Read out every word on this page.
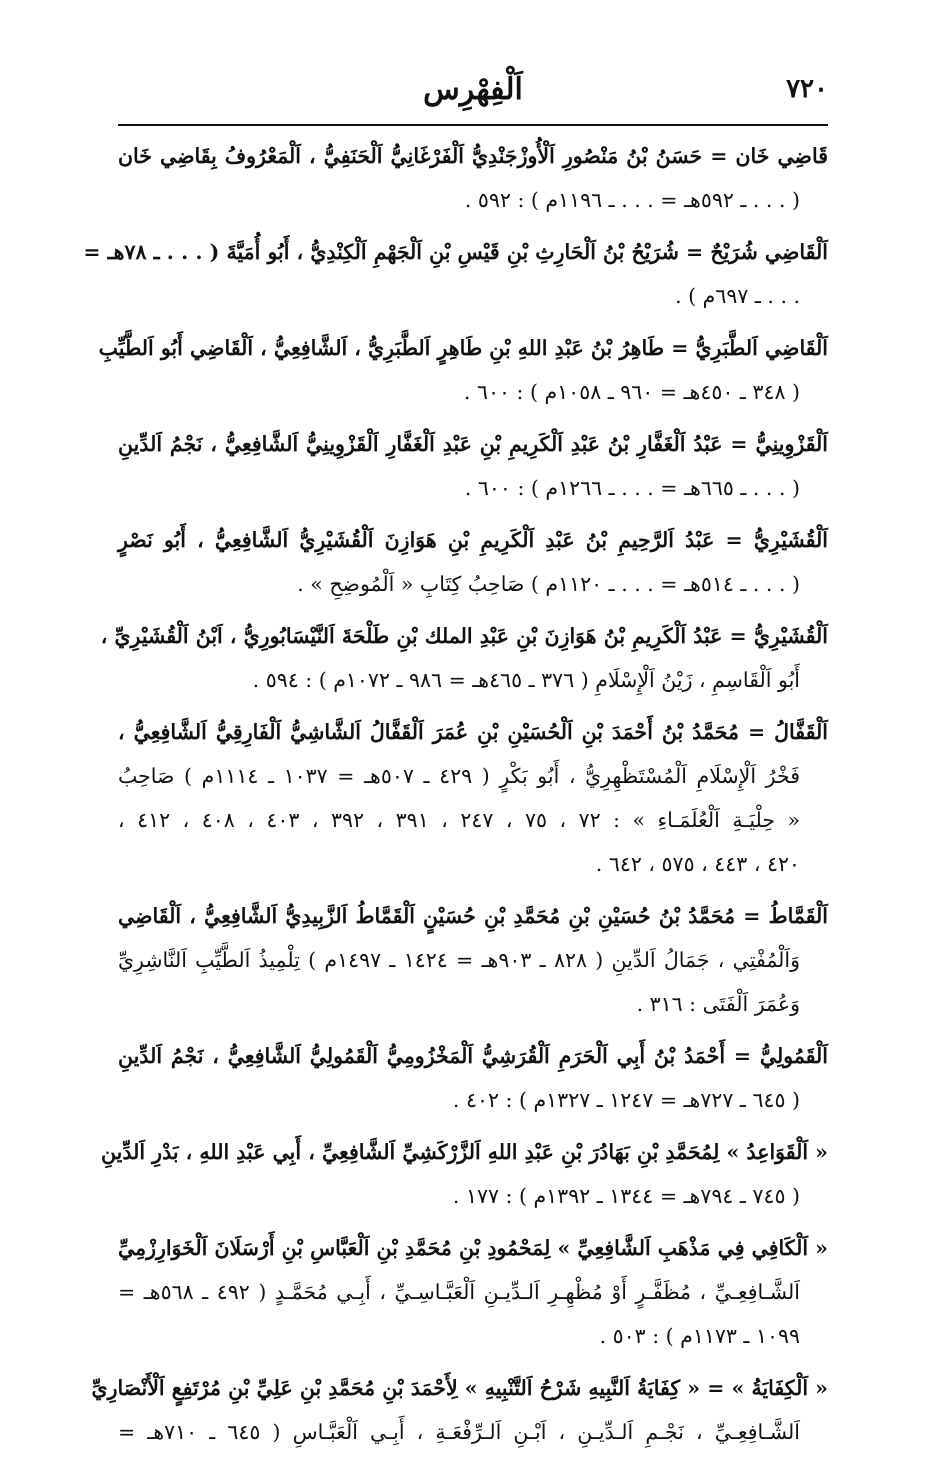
٧٢٠
اَلْفِهْرِس
قَاضِي خَان = حَسَنُ بْنُ مَنْصُورِ اَلْأُوزْجَنْدِيُّ اَلْفَرْغَانِيُّ اَلْحَنَفِيُّ ، اَلْمَعْرُوفُ بِقَاضِي خَان
( . . . ـ ٥٩٢هـ = . . . ـ ١١٩٦م ) : ٥٩٢ .
اَلْقَاضِي شُرَيْحٌ = شُرَيْحُ بْنُ اَلْحَارِثِ بْنِ قَيْسِ بْنِ اَلْجَهْمِ اَلْكِنْدِيُّ ، أَبُو أُمَيَّةَ ( . . . ـ ٧٨هـ =
. . . ـ ٦٩٧م ) .
اَلْقَاضِي اَلطَّبَرِيُّ = طَاهِرُ بْنُ عَبْدِ اللهِ بْنِ طَاهِرٍ اَلطَّبَرِيُّ ، اَلشَّافِعِيُّ ، اَلْقَاضِي أَبُو اَلطَّيِّبِ
( ٣٤٨ ـ ٤٥٠هـ = ٩٦٠ ـ ١٠٥٨م ) : ٦٠٠ .
اَلْقَزْوِينِيُّ = عَبْدُ اَلْغَفَّارِ بْنُ عَبْدِ اَلْكَرِيمِ بْنِ عَبْدِ اَلْغَفَّارِ اَلْقَزْوِينِيُّ اَلشَّافِعِيُّ ، نَجْمُ اَلدِّينِ
( . . . ـ ٦٦٥هـ = . . . ـ ١٢٦٦م ) : ٦٠٠ .
اَلْقُشَيْرِيُّ = عَبْدُ اَلرَّحِيمِ بْنُ عَبْدِ اَلْكَرِيمِ بْنِ هَوَازِنَ اَلْقُشَيْرِيُّ اَلشَّافِعِيُّ ، أَبُو نَصْرٍ
( . . . ـ ٥١٤هـ = . . . ـ ١١٢٠م ) صَاحِبُ كِتَابِ « اَلْمُوضِحِ » .
اَلْقُشَيْرِيُّ = عَبْدُ اَلْكَرِيمِ بْنُ هَوَازِنَ بْنِ عَبْدِ الملك بْنِ طَلْحَةَ اَلنَّيْسَابُورِيُّ ، اَبْنُ اَلْقُشَيْرِيِّ ،
أَبُو اَلْقَاسِمِ ، زَيْنُ اَلْإِسْلَامِ ( ٣٧٦ ـ ٤٦٥هـ = ٩٨٦ ـ ١٠٧٢م ) : ٥٩٤ .
اَلْقَفَّالُ = مُحَمَّدُ بْنُ أَحْمَدَ بْنِ اَلْحُسَيْنِ بْنِ عُمَرَ اَلْقَفَّالُ اَلشَّاشِيُّ اَلْفَارِقِيُّ اَلشَّافِعِيُّ ،
فَخْرُ اَلْإِسْلَامِ اَلْمُسْتَظْهِرِيُّ ، أَبُو بَكْرٍ ( ٤٢٩ ـ ٥٠٧هـ = ١٠٣٧ ـ ١١١٤م ) صَاحِبُ
« حِلْيَـةِ اَلْعُلَمَـاءِ » : ٧٢ ، ٧٥ ، ٢٤٧ ، ٣٩١ ، ٣٩٢ ، ٤٠٣ ، ٤٠٨ ، ٤١٢ ،
٤٢٠ ، ٤٤٣ ، ٥٧٥ ، ٦٤٢ .
اَلْقَمَّاطُ = مُحَمَّدُ بْنُ حُسَيْنِ بْنِ مُحَمَّدِ بْنِ حُسَيْنٍ اَلْقَمَّاطُ اَلزَّبِيدِيُّ اَلشَّافِعِيُّ ، اَلْقَاضِي
وَاَلْمُفْتِي ، جَمَالُ اَلدِّينِ ( ٨٢٨ ـ ٩٠٣هـ = ١٤٢٤ ـ ١٤٩٧م ) تِلْمِيذُ اَلطَّيِّبِ اَلنَّاشِرِيِّ
وَعُمَرَ اَلْفَتَى : ٣١٦ .
اَلْقَمُولِيُّ = أَحْمَدُ بْنُ أَبِي اَلْحَرَمِ اَلْقُرَشِيُّ اَلْمَخْزُومِيُّ اَلْقَمُولِيُّ اَلشَّافِعِيُّ ، نَجْمُ اَلدِّينِ
( ٦٤٥ ـ ٧٢٧هـ = ١٢٤٧ ـ ١٣٢٧م ) : ٤٠٢ .
« اَلْقَوَاعِدُ » لِمُحَمَّدِ بْنِ بَهَادُرَ بْنِ عَبْدِ اللهِ اَلزَّرْكَشِيِّ اَلشَّافِعِيِّ ، أَبِي عَبْدِ اللهِ ، بَدْرِ اَلدِّينِ
( ٧٤٥ ـ ٧٩٤هـ = ١٣٤٤ ـ ١٣٩٢م ) : ١٧٧ .
« اَلْكَافِي فِي مَذْهَبِ اَلشَّافِعِيِّ » لِمَحْمُودِ بْنِ مُحَمَّدِ بْنِ اَلْعَبَّاسِ بْنِ أَرْسَلَانَ اَلْخَوَارِزْمِيِّ
اَلشَّـافِعِـيِّ ، مُظَفَّـرٍ أَوْ مُظْهِـرِ اَلـدِّيـنِ اَلْعَبَّـاسِـيِّ ، أَبِـي مُحَمَّـدٍ ( ٤٩٢ ـ ٥٦٨هـ =
١٠٩٩ ـ ١١٧٣م ) : ٥٠٣ .
« اَلْكِفَايَةُ » = « كِفَايَةُ اَلنَّبِيهِ شَرْحُ اَلتَّنْبِيهِ » لِأَحْمَدَ بْنِ مُحَمَّدِ بْنِ عَلِيِّ بْنِ مُرْتَفِعٍ اَلْأَنْصَارِيِّ
اَلشَّـافِعِـيِّ ، نَجْـمِ اَلـدِّيـنِ ، اَبْـنِ اَلـرِّفْعَـةِ ، أَبِـي اَلْعَبَّـاسِ ( ٦٤٥ ـ ٧١٠هـ =
